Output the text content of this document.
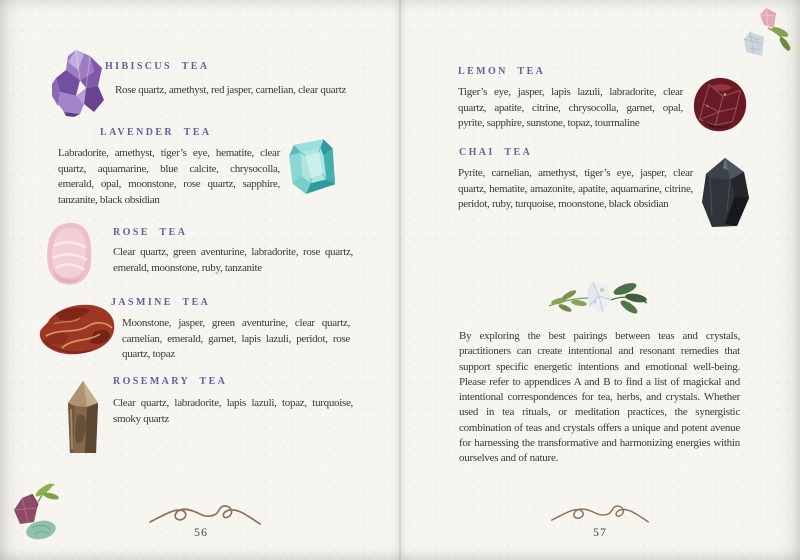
HIBISCUS TEA

Rose quartz, amethyst, red jasper, carnelian, clear quartz

LAVENDER TEA

Labradorite, amethyst, tiger’s eye, hematite, clear quartz, aquamarine, blue calcite, chrysocolla, emerald, opal, moonstone, rose quartz, sapphire, tanzanite, black obsidian

ROSE TEA

Clear quartz, green aventurine, labradorite, rose quartz, emerald, moonstone, ruby, tanzanite

JASMINE TEA

Moonstone, jasper, green aventurine, clear quartz, carnelian, emerald, garnet, lapis lazuli, peridot, rose quartz, topaz

ROSEMARY TEA

Clear quartz, labradorite, lapis lazuli, topaz, turquoise, smoky quartz

56
LEMON TEA

Tiger’s eye, jasper, lapis lazuli, labradorite, clear quartz, apatite, citrine, chrysocolla, garnet, opal, pyrite, sapphire, sunstone, topaz, tourmaline

CHAI TEA

Pyrite, carnelian, amethyst, tiger’s eye, jasper, clear quartz, hematite, amazonite, apatite, aquamarine, citrine, peridot, ruby, turquoise, moonstone, black obsidian

By exploring the best pairings between teas and crystals, practitioners can create intentional and resonant remedies that support specific energetic intentions and emotional well-being. Please refer to appendices A and B to find a list of magickal and intentional correspondences for tea, herbs, and crystals. Whether used in tea rituals, or meditation practices, the synergistic combination of teas and crystals offers a unique and potent avenue for harnessing the transformative and harmonizing energies within ourselves and of nature.

57
